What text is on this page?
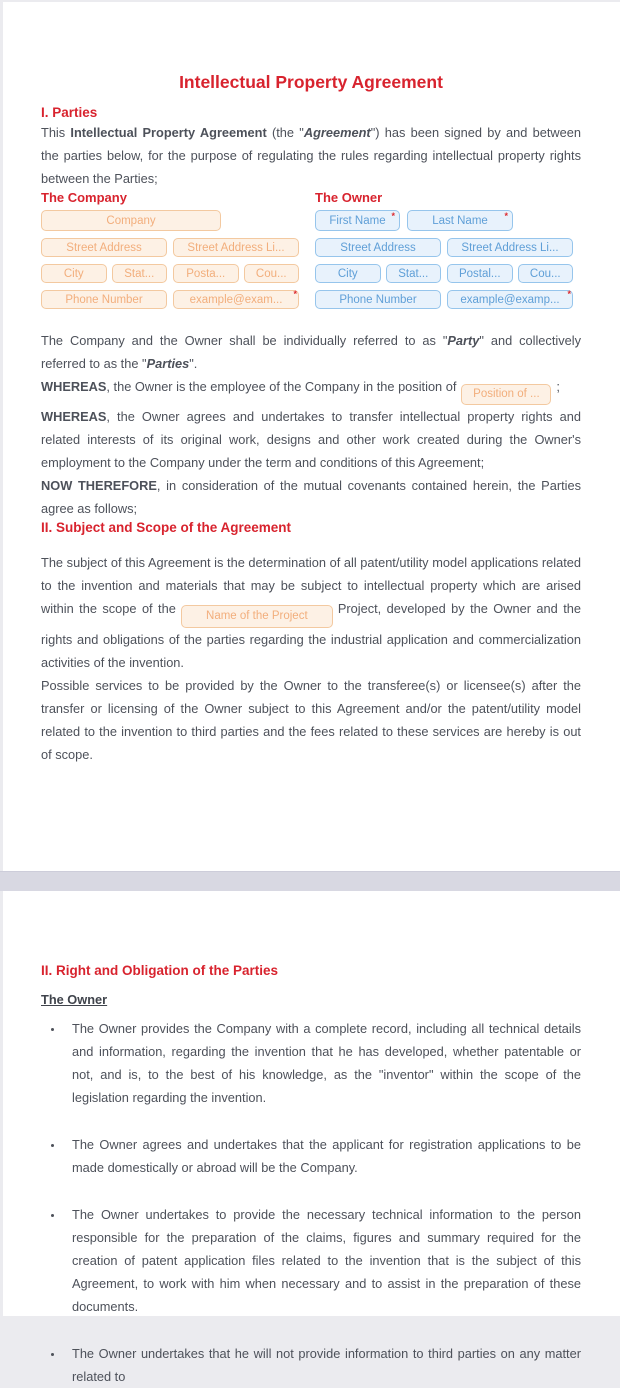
Intellectual Property Agreement
I. Parties

This Intellectual Property Agreement (the "Agreement") has been signed by and between the parties below, for the purpose of regulating the rules regarding intellectual property rights between the Parties;

The Company
Company
Street Address	Street Address Li...
City	Stat...	Posta...	Cou...
Phone Number	example@exam... *
The Owner
First Name *	Last Name *
Street Address	Street Address Li...
City	Stat...	Postal...	Cou...
Phone Number	example@examp... *

The Company and the Owner shall be individually referred to as "Party" and collectively referred to as the "Parties".

WHEREAS, the Owner is the employee of the Company in the position of Position of ... ;

WHEREAS, the Owner agrees and undertakes to transfer intellectual property rights and related interests of its original work, designs and other work created during the Owner's employment to the Company under the term and conditions of this Agreement;

NOW THEREFORE, in consideration of the mutual covenants contained herein, the Parties agree as follows;

II. Subject and Scope of the Agreement

The subject of this Agreement is the determination of all patent/utility model applications related to the invention and materials that may be subject to intellectual property which are arised within the scope of the	Name of the Project Project, developed by the Owner and the rights and obligations of the parties regarding the industrial application and commercialization activities of the invention.

Possible services to be provided by the Owner to the transferee(s) or licensee(s) after the transfer or licensing of the Owner subject to this Agreement and/or the patent/utility model related to the invention to third parties and the fees related to these services are hereby is out of scope.

II. Right and Obligation of the Parties
The Owner
• The Owner provides the Company with a complete record, including all technical details and information, regarding the invention that he has developed, whether patentable or not, and is, to the best of his knowledge, as the "inventor" within the scope of the legislation regarding the invention.
• The Owner agrees and undertakes that the applicant for registration applications to be made domestically or abroad will be the Company.
• The Owner undertakes to provide the necessary technical information to the person responsible for the preparation of the claims, figures and summary required for the creation of patent application files related to the invention that is the subject of this Agreement, to work with him when necessary and to assist in the preparation of these documents.
• The Owner undertakes that he will not provide information to third parties on any matter related to
